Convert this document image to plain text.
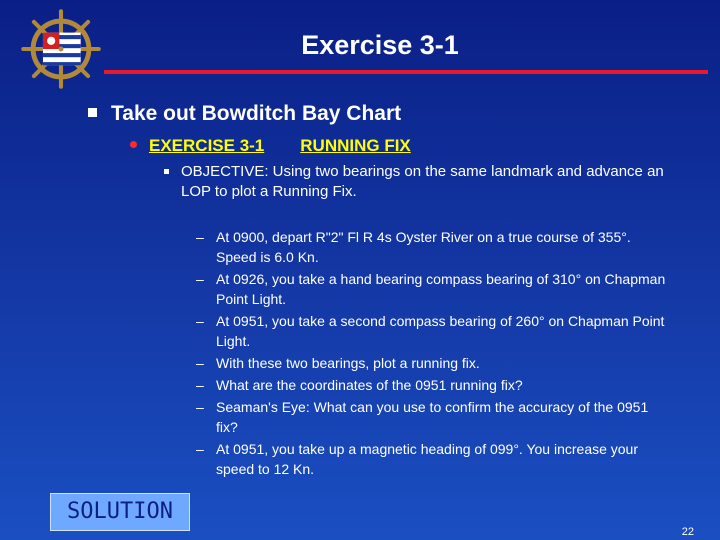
Exercise 3-1
Take out Bowditch Bay Chart
EXERCISE 3-1 RUNNING FIX
OBJECTIVE: Using two bearings on the same landmark and advance an LOP to plot a Running Fix.
– At 0900, depart R"2" Fl R 4s Oyster River on a true course of 355°. Speed is 6.0 Kn.
– At 0926, you take a hand bearing compass bearing of 310° on Chapman Point Light.
– At 0951, you take a second compass bearing of 260° on Chapman Point Light.
– With these two bearings, plot a running fix.
– What are the coordinates of the 0951 running fix?
– Seaman's Eye: What can you use to confirm the accuracy of the 0951 fix?
– At 0951, you take up a magnetic heading of 099°. You increase your speed to 12 Kn.
SOLUTION
22
